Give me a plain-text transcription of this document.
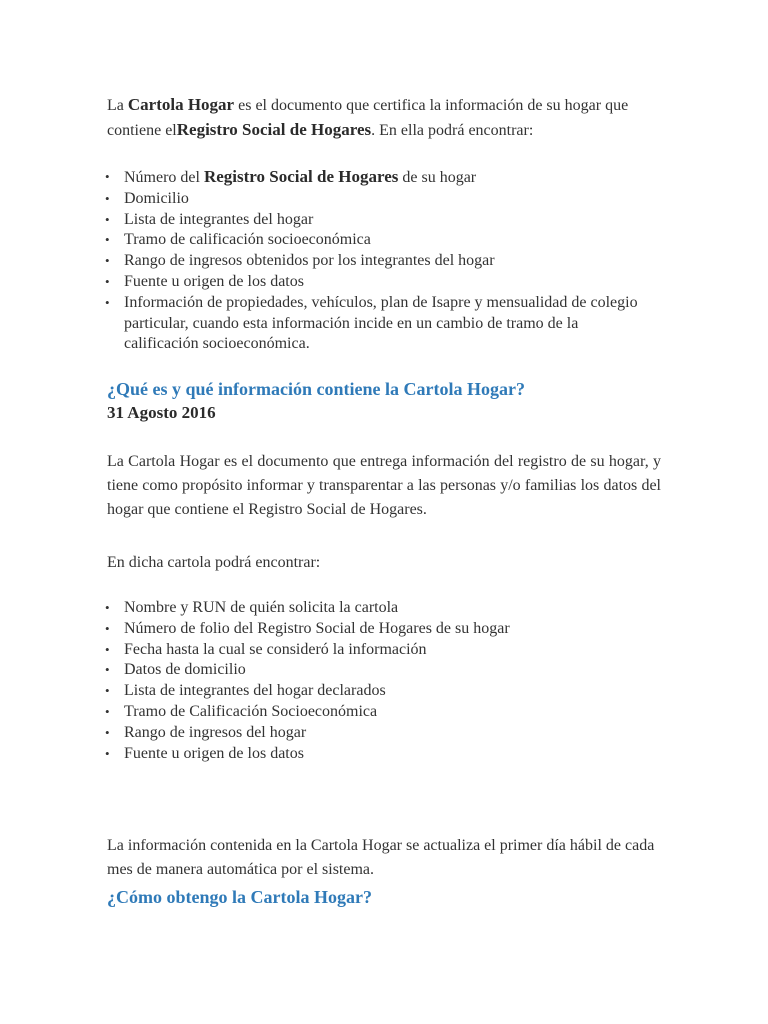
La Cartola Hogar es el documento que certifica la información de su hogar que contiene elRegistro Social de Hogares. En ella podrá encontrar:

• Número del Registro Social de Hogares de su hogar
• Domicilio
• Lista de integrantes del hogar
• Tramo de calificación socioeconómica
• Rango de ingresos obtenidos por los integrantes del hogar
• Fuente u origen de los datos
• Información de propiedades, vehículos, plan de Isapre y mensualidad de colegio particular, cuando esta información incide en un cambio de tramo de la calificación socioeconómica.
¿Qué es y qué información contiene la Cartola Hogar?
31 Agosto 2016

La Cartola Hogar es el documento que entrega información del registro de su hogar, y tiene como propósito informar y transparentar a las personas y/o familias los datos del hogar que contiene el Registro Social de Hogares.

En dicha cartola podrá encontrar:

• Nombre y RUN de quién solicita la cartola
• Número de folio del Registro Social de Hogares de su hogar
• Fecha hasta la cual se consideró la información
• Datos de domicilio
• Lista de integrantes del hogar declarados
• Tramo de Calificación Socioeconómica
• Rango de ingresos del hogar
• Fuente u origen de los datos

La información contenida en la Cartola Hogar se actualiza el primer día hábil de cada mes de manera automática por el sistema.

¿Cómo obtengo la Cartola Hogar?
